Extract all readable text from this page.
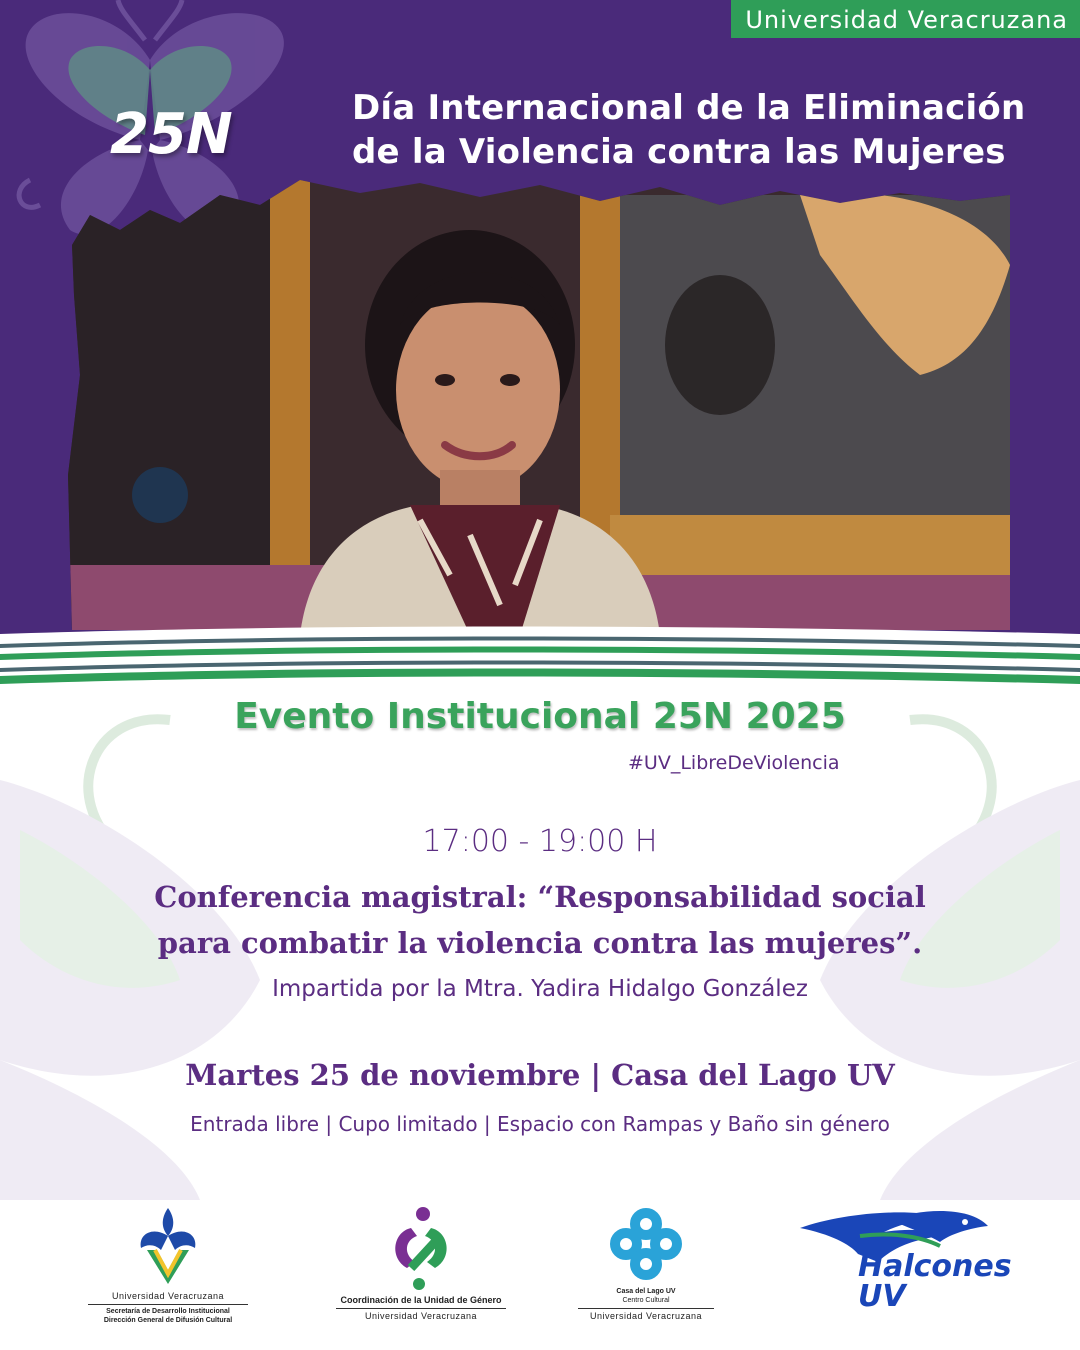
Universidad Veracruzana
25N	Día Internacional de la Eliminación
de la Violencia contra las Mujeres
Evento Institucional 25N 2025
#UV_LibreDeViolencia
17:00 - 19:00 H
Conferencia magistral: “Responsabilidad social
para combatir la violencia contra las mujeres”.
Impartida por la Mtra. Yadira Hidalgo González
Martes 25 de noviembre | Casa del Lago UV
Entrada libre | Cupo limitado | Espacio con Rampas y Baño sin género
Universidad Veracruzana
Secretaría de Desarrollo Institucional
Dirección General de Difusión Cultural
Coordinación de la Unidad de Género
Universidad Veracruzana
Casa del Lago UV
Centro Cultural
Universidad Veracruzana
Halcones
UV
